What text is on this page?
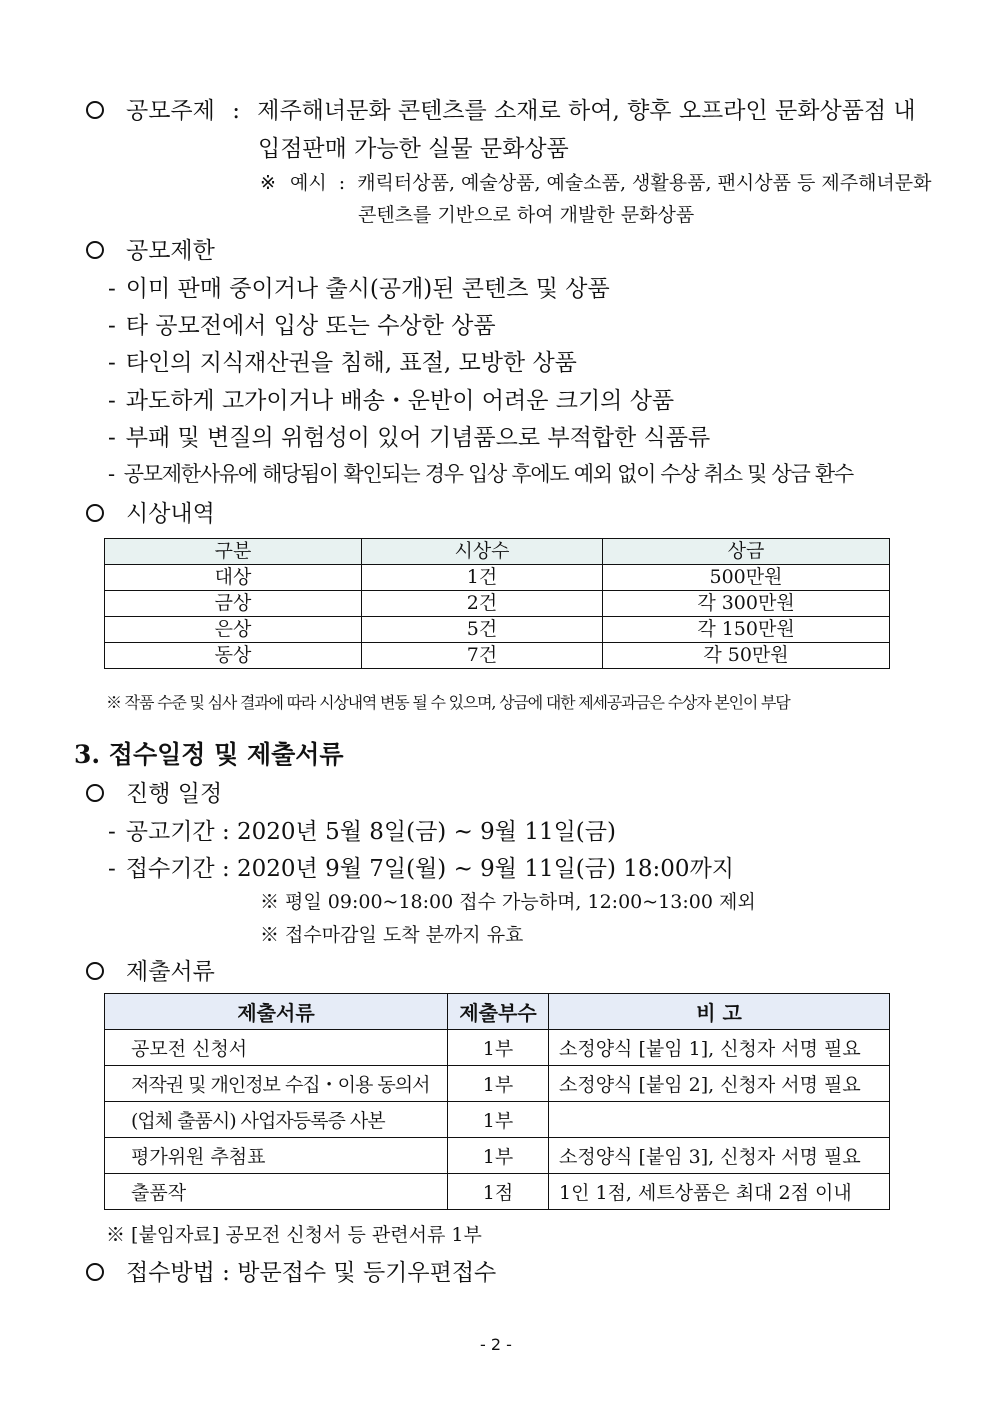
공모주제 : 제주해녀문화 콘텐츠를 소재로 하여, 향후 오프라인 문화상품점 내
입점판매 가능한 실물 문화상품
※ 예시 : 캐릭터상품, 예술상품, 예술소품, 생활용품, 팬시상품 등 제주해녀문화
콘텐츠를 기반으로 하여 개발한 문화상품
공모제한
- 이미 판매 중이거나 출시(공개)된 콘텐츠 및 상품
- 타 공모전에서 입상 또는 수상한 상품
- 타인의 지식재산권을 침해, 표절, 모방한 상품
- 과도하게 고가이거나 배송・운반이 어려운 크기의 상품
- 부패 및 변질의 위험성이 있어 기념품으로 부적합한 식품류
- 공모제한사유에 해당됨이 확인되는 경우 입상 후에도 예외 없이 수상 취소 및 상금 환수
시상내역
구분	시상수	상금
대상	1건	500만원
금상	2건	각 300만원
은상	5건	각 150만원
동상	7건	각 50만원
※ 작품 수준 및 심사 결과에 따라 시상내역 변동 될 수 있으며, 상금에 대한 제세공과금은 수상자 본인이 부담
3. 접수일정 및 제출서류
진행 일정
- 공고기간 : 2020년 5월 8일(금) ~ 9월 11일(금)
- 접수기간 : 2020년 9월 7일(월) ~ 9월 11일(금) 18:00까지
※ 평일 09:00~18:00 접수 가능하며, 12:00~13:00 제외
※ 접수마감일 도착 분까지 유효
제출서류
제출서류	제출부수	비 고
공모전 신청서	1부	소정양식 [붙임 1], 신청자 서명 필요
저작권 및 개인정보 수집・이용 동의서	1부	소정양식 [붙임 2], 신청자 서명 필요
(업체 출품시) 사업자등록증 사본	1부	
평가위원 추첨표	1부	소정양식 [붙임 3], 신청자 서명 필요
출품작	1점	1인 1점, 세트상품은 최대 2점 이내
※ [붙임자료] 공모전 신청서 등 관련서류 1부
접수방법 : 방문접수 및 등기우편접수
- 2 -
